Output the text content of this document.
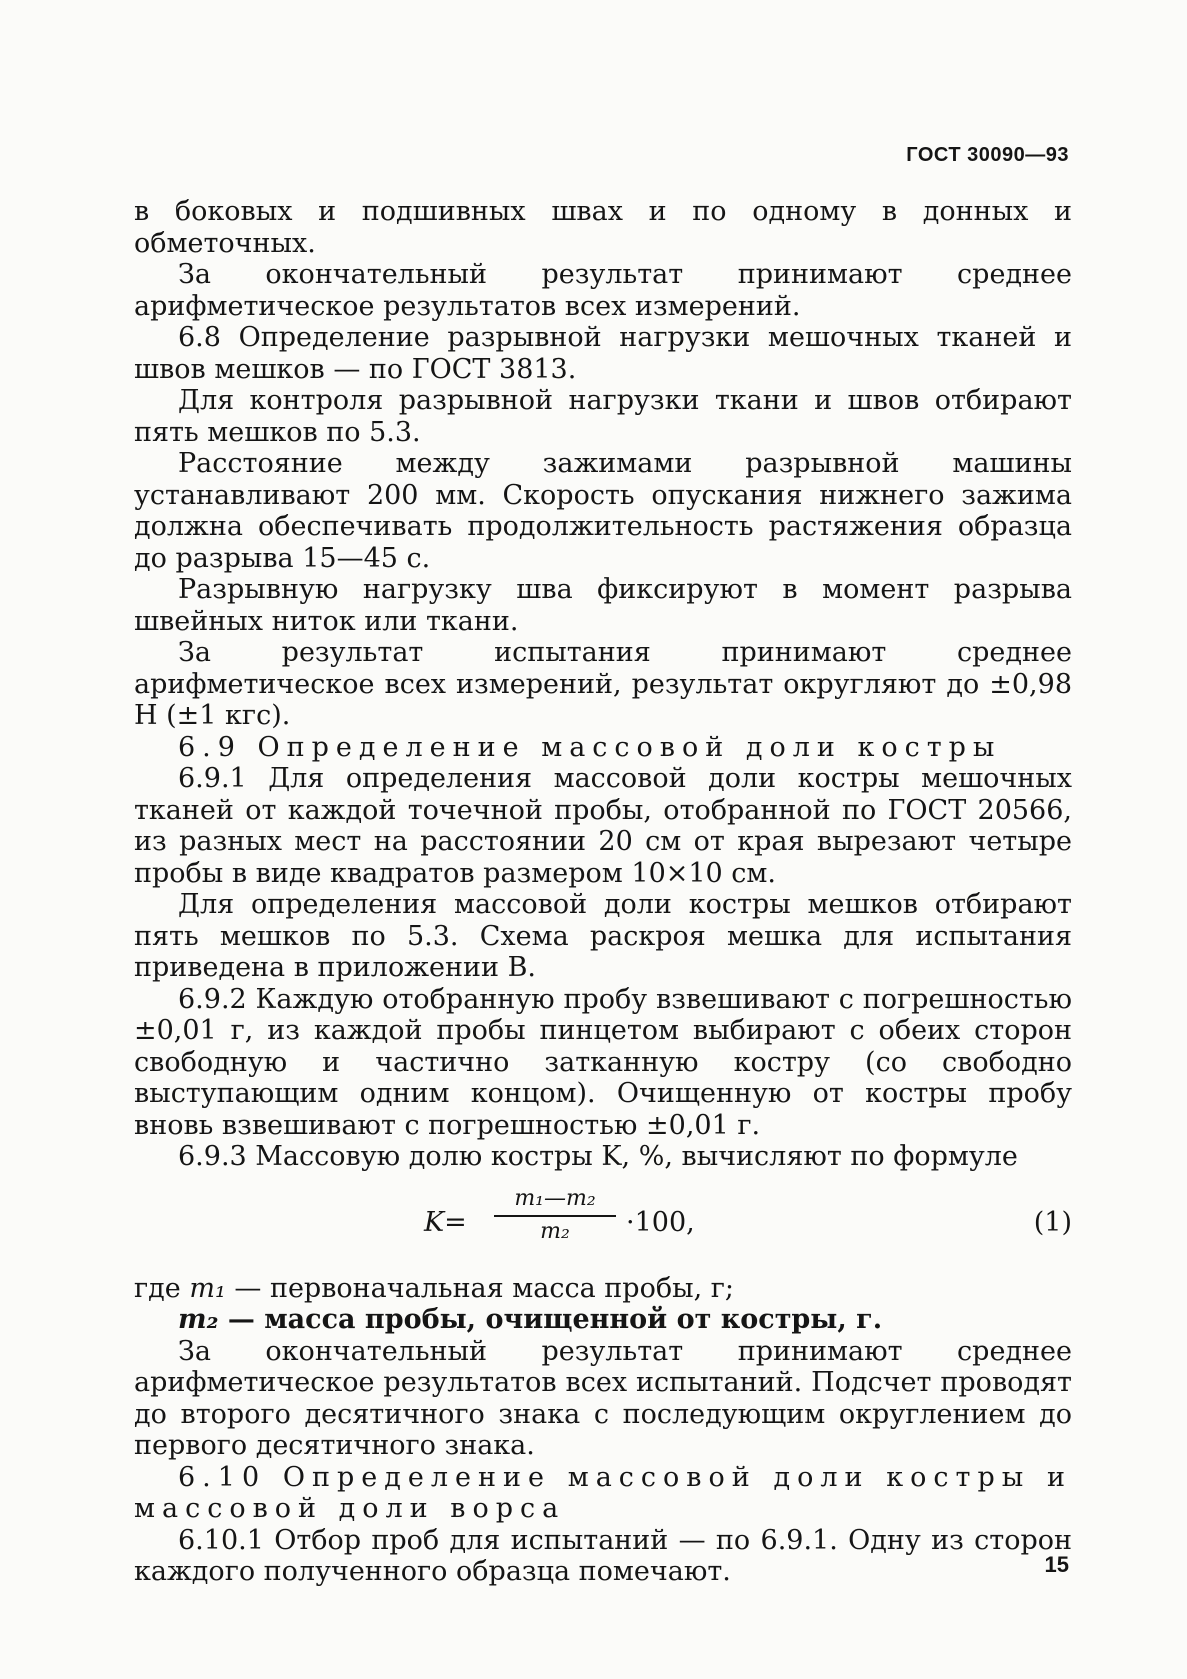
ГОСТ 30090—93

в боковых и подшивных швах и по одному в донных и обметочных.

За окончательный результат принимают среднее арифметическое результатов всех измерений.

6.8 Определение разрывной нагрузки мешочных тканей и швов мешков — по ГОСТ 3813.

Для контроля разрывной нагрузки ткани и швов отбирают пять мешков по 5.3.

Расстояние между зажимами разрывной машины устанавливают 200 мм. Скорость опускания нижнего зажима должна обеспечивать продолжительность растяжения образца до разрыва 15—45 с.

Разрывную нагрузку шва фиксируют в момент разрыва швейных ниток или ткани.

За результат испытания принимают среднее арифметическое всех измерений, результат округляют до ±0,98 Н (±1 кгс).

6.9 Определение массовой доли костры

6.9.1 Для определения массовой доли костры мешочных тканей от каждой точечной пробы, отобранной по ГОСТ 20566, из разных мест на расстоянии 20 см от края вырезают четыре пробы в виде квадратов размером 10×10 см.

Для определения массовой доли костры мешков отбирают пять мешков по 5.3. Схема раскроя мешка для испытания приведена в приложении В.

6.9.2 Каждую отобранную пробу взвешивают с погрешностью ±0,01 г, из каждой пробы пинцетом выбирают с обеих сторон свободную и частично затканную костру (со свободно выступающим одним концом). Очищенную от костры пробу вновь взвешивают с погрешностью ±0,01 г.

6.9.3 Массовую долю костры K, %, вычисляют по формуле

K=
m₁—m₂
m₂	·100,	(1)

где m₁ — первоначальная масса пробы, г;

m₂ — масса пробы, очищенной от костры, г.

За окончательный результат принимают среднее арифметическое результатов всех испытаний. Подсчет проводят до второго десятичного знака с последующим округлением до первого десятичного знака.

6.10 Определение массовой доли костры и массовой доли ворса

6.10.1 Отбор проб для испытаний — по 6.9.1. Одну из сторон каждого полученного образца помечают.	15
